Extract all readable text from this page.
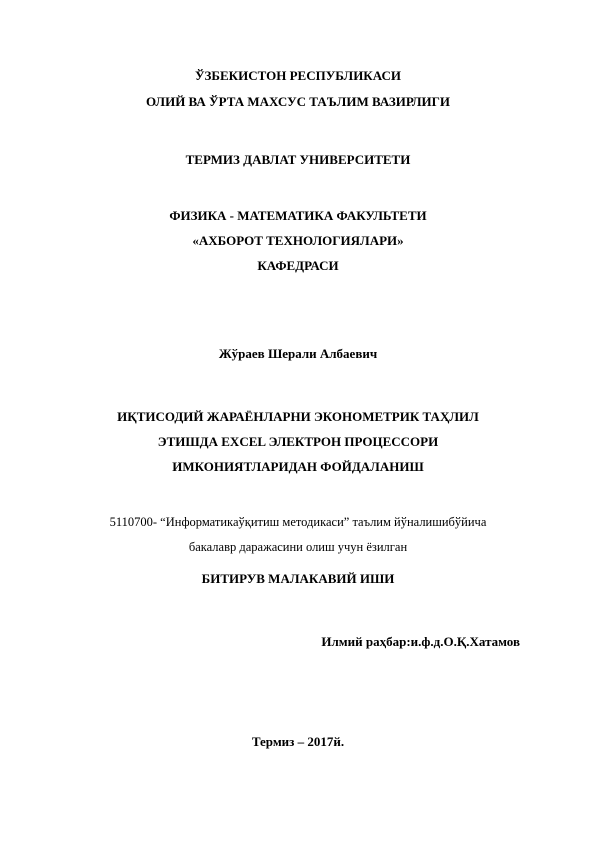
ЎЗБЕКИСТОН РЕСПУБЛИКАСИ
ОЛИЙ ВА ЎРТА МАХСУС ТАЪЛИМ ВАЗИРЛИГИ
ТЕРМИЗ ДАВЛАТ УНИВЕРСИТЕТИ
ФИЗИКА - МАТЕМАТИКА ФАКУЛЬТЕТИ
«АХБОРОТ ТЕХНОЛОГИЯЛАРИ»
КАФЕДРАСИ
Жўраев Шерали Албаевич
ИҚТИСОДИЙ ЖАРАЁНЛАРНИ ЭКОНОМЕТРИК ТАҲЛИЛ
ЭТИШДА EXCEL ЭЛЕКТРОН ПРОЦЕССОРИ
ИМКОНИЯТЛАРИДАН ФОЙДАЛАНИШ
5110700- “Информатикаўқитиш методикаси” таълим йўналишибўйича
бакалавр даражасини олиш учун ёзилган
БИТИРУВ МАЛАКАВИЙ ИШИ
Илмий раҳбар:и.ф.д.О.Қ.Хатамов
Термиз – 2017й.
